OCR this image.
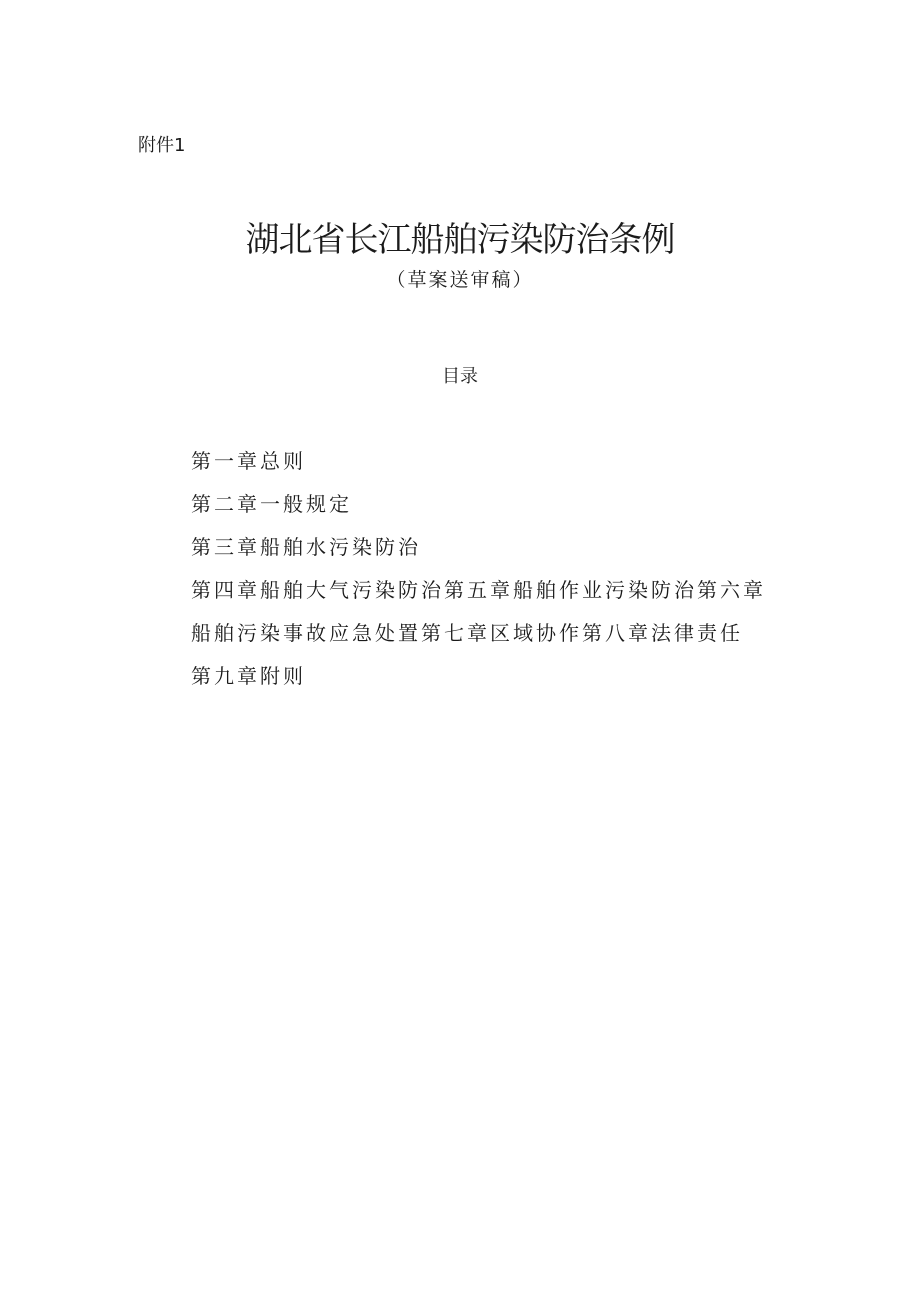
附件1
湖北省长江船舶污染防治条例
（草案送审稿）
目录
第一章总则
第二章一般规定
第三章船舶水污染防治
第四章船舶大气污染防治第五章船舶作业污染防治第六章
船舶污染事故应急处置第七章区域协作第八章法律责任
第九章附则
